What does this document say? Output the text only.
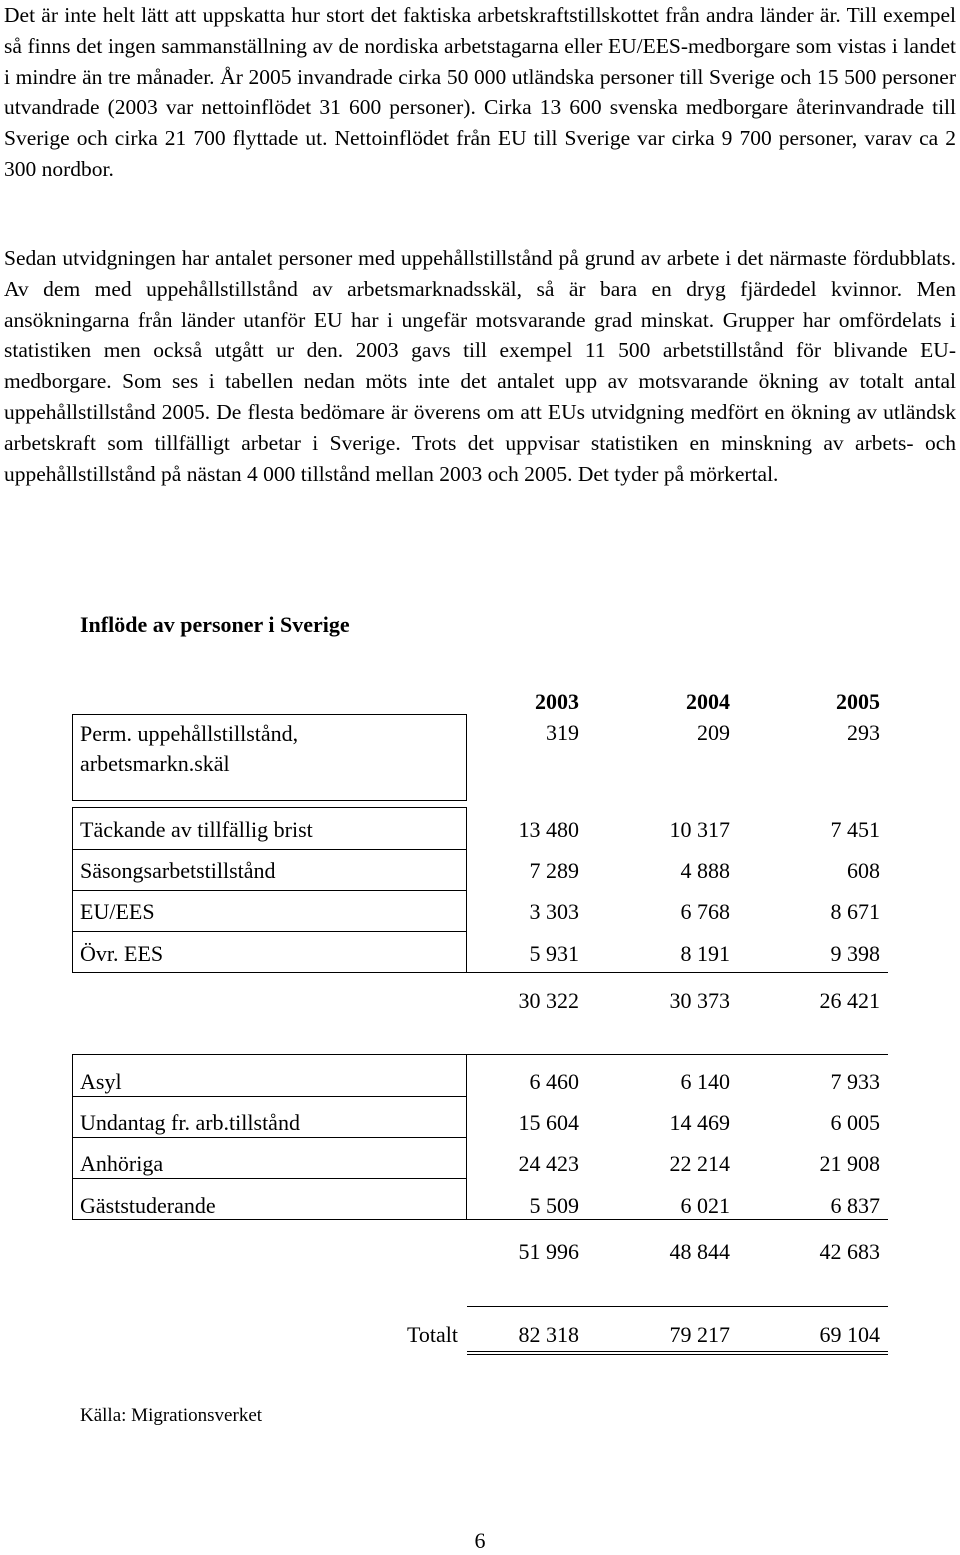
Det är inte helt lätt att uppskatta hur stort det faktiska arbetskraftstillskottet från andra länder är. Till exempel så finns det ingen sammanställning av de nordiska arbetstagarna eller EU/EES-medborgare som vistas i landet i mindre än tre månader. År 2005 invandrade cirka 50 000 utländska personer till Sverige och 15 500 personer utvandrade (2003 var nettoinflödet 31 600 personer). Cirka 13 600 svenska medborgare återinvandrade till Sverige och cirka 21 700 flyttade ut. Nettoinflödet från EU till Sverige var cirka 9 700 personer, varav ca 2 300 nordbor.

Sedan utvidgningen har antalet personer med uppehållstillstånd på grund av arbete i det närmaste fördubblats. Av dem med uppehållstillstånd av arbetsmarknadsskäl, så är bara en dryg fjärdedel kvinnor. Men ansökningarna från länder utanför EU har i ungefär motsvarande grad minskat. Grupper har omfördelats i statistiken men också utgått ur den. 2003 gavs till exempel 11 500 arbetstillstånd för blivande EU-medborgare. Som ses i tabellen nedan möts inte det antalet upp av motsvarande ökning av totalt antal uppehållstillstånd 2005. De flesta bedömare är överens om att EUs utvidgning medfört en ökning av utländsk arbetskraft som tillfälligt arbetar i Sverige. Trots det uppvisar statistiken en minskning av arbets- och uppehållstillstånd på nästan 4 000 tillstånd mellan 2003 och 2005. Det tyder på mörkertal.

Inflöde av personer i Sverige
2003	2004	2005
Perm. uppehållstillstånd,
arbetsmarkn.skäl
319	209	293
Täckande av tillfällig brist	13 480	10 317	7 451
Säsongsarbetstillstånd	7 289	4 888	608
EU/EES	3 303	6 768	8 671
Övr. EES	5 931	8 191	9 398
30 322	30 373	26 421
Asyl	6 460	6 140	7 933
Undantag fr. arb.tillstånd	15 604	14 469	6 005
Anhöriga	24 423	22 214	21 908
Gäststuderande	5 509	6 021	6 837
51 996	48 844	42 683
Totalt	82 318	79 217	69 104
Källa: Migrationsverket
6
